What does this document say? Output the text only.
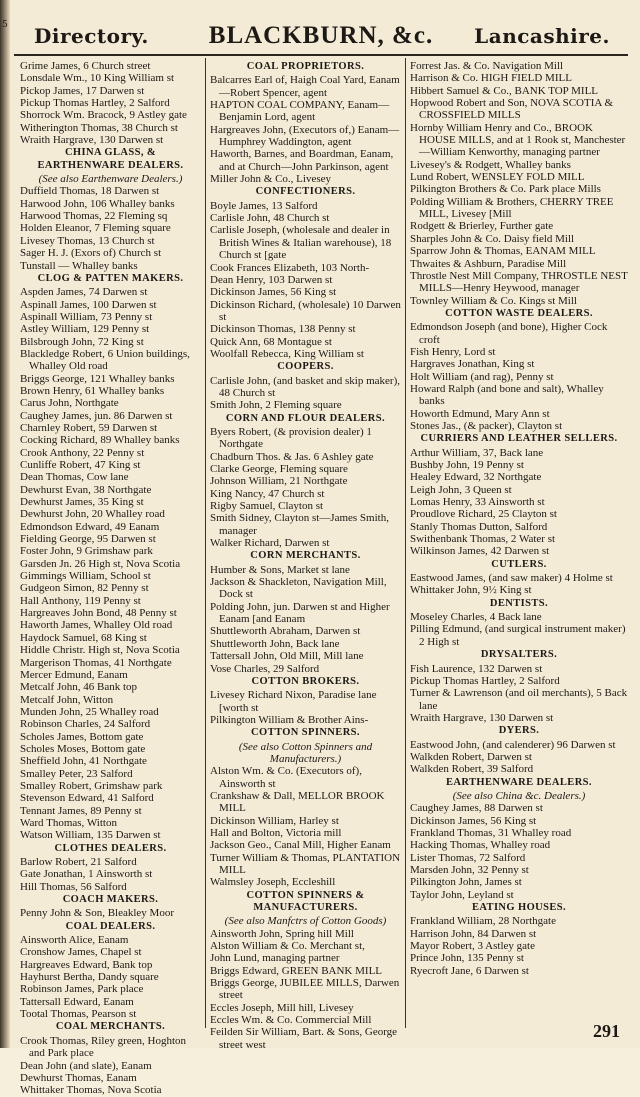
5 Directory.	BLACKBURN, &c.	Lancashire.
Grime James, 6 Church street
Lonsdale Wm., 10 King William st
Pickop James, 17 Darwen st
Pickup Thomas Hartley, 2 Salford
Shorrock Wm. Bracock, 9 Astley gate
Witherington Thomas, 38 Church st
Wraith Hargrave, 130 Darwen st
CHINA GLASS, & EARTHENWARE DEALERS.
(See also Earthenware Dealers.)
Duffield Thomas, 18 Darwen st
Harwood John, 106 Whalley banks
Harwood Thomas, 22 Fleming sq
Holden Eleanor, 7 Fleming square
Livesey Thomas, 13 Church st
Sager H. J. (Exors of) Church st
Tunstall — Whalley banks
CLOG & PATTEN MAKERS.
Aspden James, 74 Darwen st
Aspinall James, 100 Darwen st
Aspinall William, 73 Penny st
Astley William, 129 Penny st
Bilsbrough John, 72 King st
Blackledge Robert, 6 Union buildings, Whalley Old road
Briggs George, 121 Whalley banks
Brown Henry, 61 Whalley banks
Carus John, Northgate
Caughey James, jun. 86 Darwen st
Charnley Robert, 59 Darwen st
Cocking Richard, 89 Whalley banks
Crook Anthony, 22 Penny st
Cunliffe Robert, 47 King st
Dean Thomas, Cow lane
Dewhurst Evan, 38 Northgate
Dewhurst James, 35 King st
Dewhurst John, 20 Whalley road
Edmondson Edward, 49 Eanam
Fielding George, 95 Darwen st
Foster John, 9 Grimshaw park
Garsden Jn. 26 High st, Nova Scotia
Gimmings William, School st
Gudgeon Simon, 82 Penny st
Hall Anthony, 119 Penny st
Hargreaves John Bond, 48 Penny st
Haworth James, Whalley Old road
Haydock Samuel, 68 King st
Hiddle Christr. High st, Nova Scotia
Margerison Thomas, 41 Northgate
Mercer Edmund, Eanam
Metcalf John, 46 Bank top
Metcalf John, Witton
Munden John, 25 Whalley road
Robinson Charles, 24 Salford
Scholes James, Bottom gate
Scholes Moses, Bottom gate
Sheffield John, 41 Northgate
Smalley Peter, 23 Salford
Smalley Robert, Grimshaw park
Stevenson Edward, 41 Salford
Tennant James, 89 Penny st
Ward Thomas, Witton
Watson William, 135 Darwen st
CLOTHES DEALERS.
Barlow Robert, 21 Salford
Gate Jonathan, 1 Ainsworth st
Hill Thomas, 56 Salford
COACH MAKERS.
Penny John & Son, Bleakley Moor
COAL DEALERS.
Ainsworth Alice, Eanam
Cronshow James, Chapel st
Hargreaves Edward, Bank top
Hayhurst Bertha, Dandy square
Robinson James, Park place
Tattersall Edward, Eanam
Tootal Thomas, Pearson st
COAL MERCHANTS.
Crook Thomas, Riley green, Hoghton and Park place
Dean John (and slate), Eanam
Dewhurst Thomas, Eanam
Whittaker Thomas, Nova Scotia
COAL PROPRIETORS.
Balcarres Earl of, Haigh Coal Yard, Eanam—Robert Spencer, agent
HAPTON COAL COMPANY, Eanam—Benjamin Lord, agent
Hargreaves John, (Executors of,) Eanam—Humphrey Waddington, agent
Haworth, Barnes, and Boardman, Eanam, and at Church—John Parkinson, agent
Miller John & Co., Livesey
CONFECTIONERS.
Boyle James, 13 Salford
Carlisle John, 48 Church st
Carlisle Joseph, (wholesale and dealer in British Wines & Italian warehouse), 18 Church st [gate
Cook Frances Elizabeth, 103 North-
Dean Henry, 103 Darwen st
Dickinson James, 56 King st
Dickinson Richard, (wholesale) 10 Darwen st
Dickinson Thomas, 138 Penny st
Quick Ann, 68 Montague st
Woolfall Rebecca, King William st
COOPERS.
Carlisle John, (and basket and skip maker), 48 Church st
Smith John, 2 Fleming square
CORN AND FLOUR DEALERS.
Byers Robert, (& provision dealer) 1 Northgate
Chadburn Thos. & Jas. 6 Ashley gate
Clarke George, Fleming square
Johnson William, 21 Northgate
King Nancy, 47 Church st
Rigby Samuel, Clayton st
Smith Sidney, Clayton st—James Smith, manager
Walker Richard, Darwen st
CORN MERCHANTS.
Humber & Sons, Market st lane
Jackson & Shackleton, Navigation Mill, Dock st
Polding John, jun. Darwen st and Higher Eanam [and Eanam
Shuttleworth Abraham, Darwen st
Shuttleworth John, Back lane
Tattersall John, Old Mill, Mill lane
Vose Charles, 29 Salford
COTTON BROKERS.
Livesey Richard Nixon, Paradise lane [worth st
Pilkington William & Brother Ains-
COTTON SPINNERS.
(See also Cotton Spinners and Manufacturers.)
Alston Wm. & Co. (Executors of), Ainsworth st
Crankshaw & Dall, MELLOR BROOK MILL
Dickinson William, Harley st
Hall and Bolton, Victoria mill
Jackson Geo., Canal Mill, Higher Eanam
Turner William & Thomas, PLANTATION MILL
Walmsley Joseph, Eccleshill
COTTON SPINNERS & MANUFACTURERS.
(See also Manfctrs of Cotton Goods)
Ainsworth John, Spring hill Mill
Alston William & Co. Merchant st,
John Lund, managing partner
Briggs Edward, GREEN BANK MILL
Briggs George, JUBILEE MILLS, Darwen street
Eccles Joseph, Mill hill, Livesey
Eccles Wm. & Co. Commercial Mill
Feilden Sir William, Bart. & Sons, George street west
Forrest Jas. & Co. Navigation Mill
Harrison & Co. HIGH FIELD MILL
Hibbert Samuel & Co., BANK TOP MILL
Hopwood Robert and Son, NOVA SCOTIA & CROSSFIELD MILLS
Hornby William Henry and Co., BROOK HOUSE MILLS, and at 1 Rook st, Manchester—William Kenworthy, managing partner
Livesey's & Rodgett, Whalley banks
Lund Robert, WENSLEY FOLD MILL
Pilkington Brothers & Co. Park place Mills
Polding William & Brothers, CHERRY TREE MILL, Livesey [Mill
Rodgett & Brierley, Further gate
Sharples John & Co. Daisy field Mill
Sparrow John & Thomas, EANAM MILL
Thwaites & Ashburn, Paradise Mill
Throstle Nest Mill Company, THROSTLE NEST MILLS—Henry Heywood, manager
Townley William & Co. Kings st Mill
COTTON WASTE DEALERS.
Edmondson Joseph (and bone), Higher Cock croft
Fish Henry, Lord st
Hargraves Jonathan, King st
Holt William (and rag), Penny st
Howard Ralph (and bone and salt), Whalley banks
Howorth Edmund, Mary Ann st
Stones Jas., (& packer), Clayton st
CURRIERS AND LEATHER SELLERS.
Arthur William, 37, Back lane
Bushby John, 19 Penny st
Healey Edward, 32 Northgate
Leigh John, 3 Queen st
Lomas Henry, 33 Ainsworth st
Proudlove Richard, 25 Clayton st
Stanly Thomas Dutton, Salford
Swithenbank Thomas, 2 Water st
Wilkinson James, 42 Darwen st
CUTLERS.
Eastwood James, (and saw maker) 4 Holme st
Whittaker John, 9½ King st
DENTISTS.
Moseley Charles, 4 Back lane
Pilling Edmund, (and surgical instrument maker) 2 High st
DRYSALTERS.
Fish Laurence, 132 Darwen st
Pickup Thomas Hartley, 2 Salford
Turner & Lawrenson (and oil merchants), 5 Back lane
Wraith Hargrave, 130 Darwen st
DYERS.
Eastwood John, (and calenderer) 96 Darwen st
Walkden Robert, Darwen st
Walkden Robert, 39 Salford
EARTHENWARE DEALERS.
(See also China &c. Dealers.)
Caughey James, 88 Darwen st
Dickinson James, 56 King st
Frankland Thomas, 31 Whalley road
Hacking Thomas, Whalley road
Lister Thomas, 72 Salford
Marsden John, 32 Penny st
Pilkington John, James st
Taylor John, Leyland st
EATING HOUSES.
Frankland William, 28 Northgate
Harrison John, 84 Darwen st
Mayor Robert, 3 Astley gate
Prince John, 135 Penny st
Ryecroft Jane, 6 Darwen st
291
